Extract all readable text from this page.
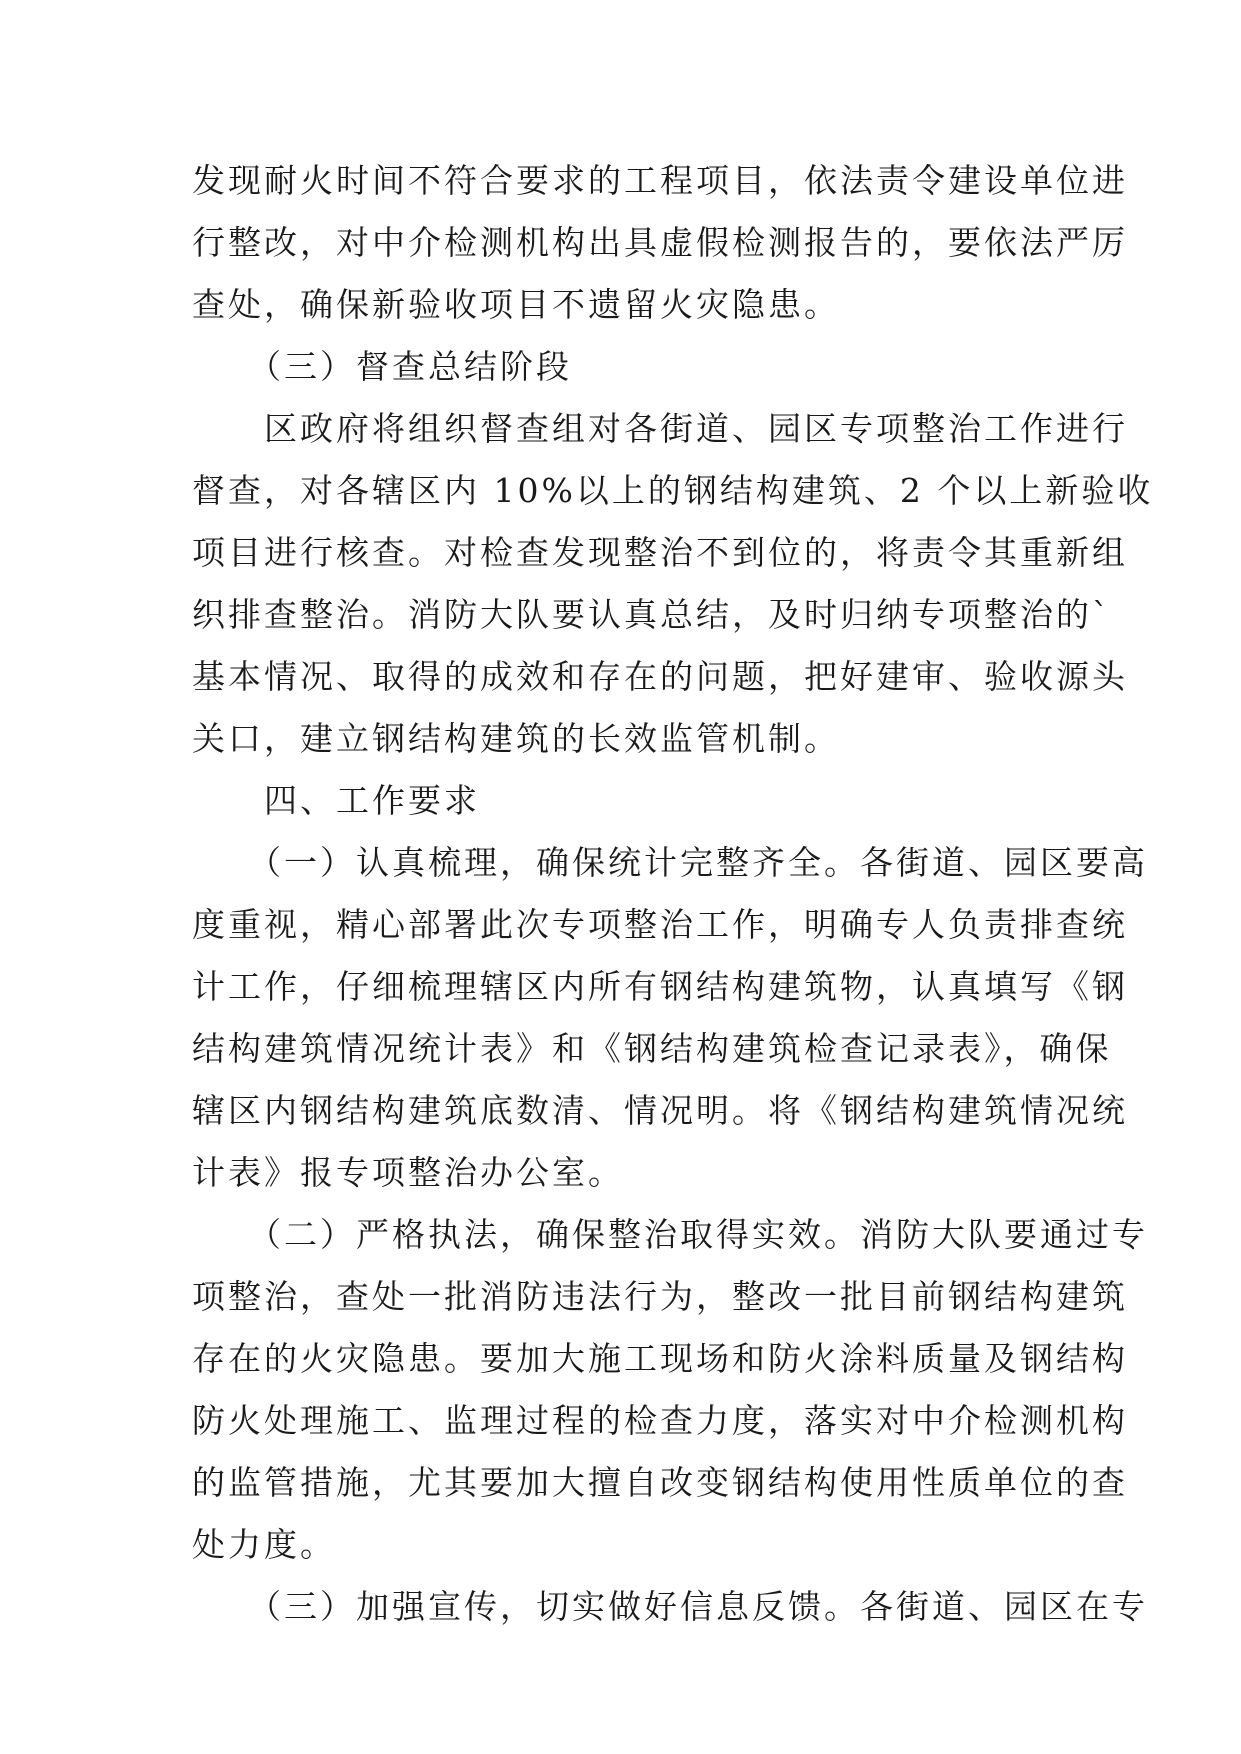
发现耐火时间不符合要求的工程项目，依法责令建设单位进
行整改，对中介检测机构出具虚假检测报告的，要依法严厉
查处，确保新验收项目不遗留火灾隐患。

（三）督查总结阶段

区政府将组织督查组对各街道、园区专项整治工作进行
督查，对各辖区内 10%以上的钢结构建筑、2 个以上新验收
项目进行核查。对检查发现整治不到位的，将责令其重新组
织排查整治。消防大队要认真总结，及时归纳专项整治的`
基本情况、取得的成效和存在的问题，把好建审、验收源头
关口，建立钢结构建筑的长效监管机制。

四、工作要求

（一）认真梳理，确保统计完整齐全。各街道、园区要高
度重视，精心部署此次专项整治工作，明确专人负责排查统
计工作，仔细梳理辖区内所有钢结构建筑物，认真填写《钢
结构建筑情况统计表》和《钢结构建筑检查记录表》，确保
辖区内钢结构建筑底数清、情况明。将《钢结构建筑情况统
计表》报专项整治办公室。

（二）严格执法，确保整治取得实效。消防大队要通过专
项整治，查处一批消防违法行为，整改一批目前钢结构建筑
存在的火灾隐患。要加大施工现场和防火涂料质量及钢结构
防火处理施工、监理过程的检查力度，落实对中介检测机构
的监管措施，尤其要加大擅自改变钢结构使用性质单位的查
处力度。

（三）加强宣传，切实做好信息反馈。各街道、园区在专
